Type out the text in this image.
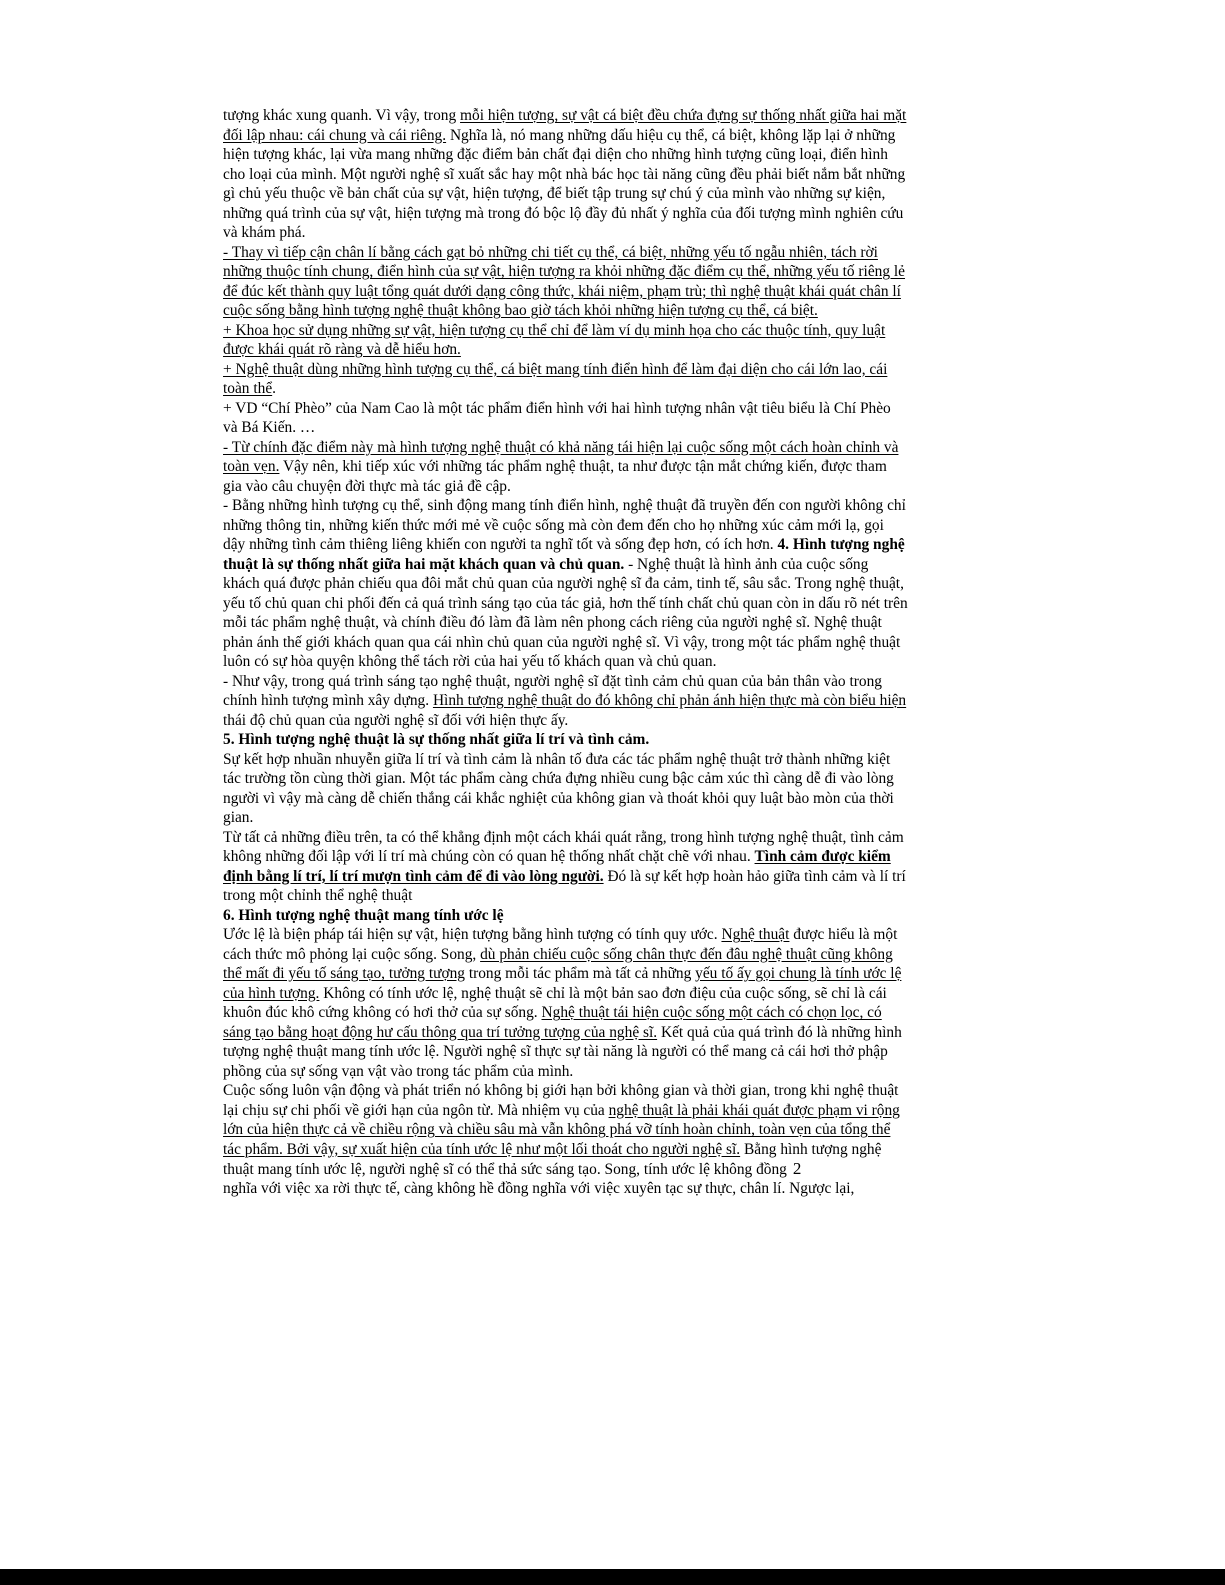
tượng khác xung quanh. Vì vậy, trong mỗi hiện tượng, sự vật cá biệt đều chứa đựng sự thống nhất giữa hai mặt
đối lập nhau: cái chung và cái riêng. Nghĩa là, nó mang những dấu hiệu cụ thể, cá biệt, không lặp lại ở những
hiện tượng khác, lại vừa mang những đặc điểm bản chất đại diện cho những hình tượng cũng loại, điển hình
cho loại của mình. Một người nghệ sĩ xuất sắc hay một nhà bác học tài năng cũng đều phải biết nắm bắt những
gì chủ yếu thuộc về bản chất của sự vật, hiện tượng, để biết tập trung sự chú ý của mình vào những sự kiện,
những quá trình của sự vật, hiện tượng mà trong đó bộc lộ đầy đủ nhất ý nghĩa của đối tượng mình nghiên cứu
và khám phá.
- Thay vì tiếp cận chân lí bằng cách gạt bỏ những chi tiết cụ thể, cá biệt, những yếu tố ngẫu nhiên, tách rời
những thuộc tính chung, điển hình của sự vật, hiện tượng ra khỏi những đặc điểm cụ thể, những yếu tố riêng lẻ
để đúc kết thành quy luật tổng quát dưới dạng công thức, khái niệm, phạm trù; thì nghệ thuật khái quát chân lí
cuộc sống bằng hình tượng nghệ thuật không bao giờ tách khỏi những hiện tượng cụ thể, cá biệt.
+ Khoa học sử dụng những sự vật, hiện tượng cụ thể chỉ để làm ví dụ minh họa cho các thuộc tính, quy luật
được khái quát rõ ràng và dễ hiểu hơn.
+ Nghệ thuật dùng những hình tượng cụ thể, cá biệt mang tính điển hình để làm đại diện cho cái lớn lao, cái
toàn thể.
+ VD “Chí Phèo” của Nam Cao là một tác phẩm điển hình với hai hình tượng nhân vật tiêu biểu là Chí Phèo
và Bá Kiến. …
- Từ chính đặc điểm này mà hình tượng nghệ thuật có khả năng tái hiện lại cuộc sống một cách hoàn chỉnh và
toàn vẹn. Vậy nên, khi tiếp xúc với những tác phẩm nghệ thuật, ta như được tận mắt chứng kiến, được tham
gia vào câu chuyện đời thực mà tác giả đề cập.
- Bằng những hình tượng cụ thể, sinh động mang tính điển hình, nghệ thuật đã truyền đến con người không chỉ
những thông tin, những kiến thức mới mẻ về cuộc sống mà còn đem đến cho họ những xúc cảm mới lạ, gọi
dậy những tình cảm thiêng liêng khiến con người ta nghĩ tốt và sống đẹp hơn, có ích hơn. 4. Hình tượng nghệ
thuật là sự thống nhất giữa hai mặt khách quan và chủ quan. - Nghệ thuật là hình ảnh của cuộc sống
khách quá được phản chiếu qua đôi mắt chủ quan của người nghệ sĩ đa cảm, tinh tế, sâu sắc. Trong nghệ thuật,
yếu tố chủ quan chi phối đến cả quá trình sáng tạo của tác giả, hơn thế tính chất chủ quan còn in dấu rõ nét trên
mỗi tác phẩm nghệ thuật, và chính điều đó làm đã làm nên phong cách riêng của người nghệ sĩ. Nghệ thuật
phản ánh thế giới khách quan qua cái nhìn chủ quan của người nghệ sĩ. Vì vậy, trong một tác phẩm nghệ thuật
luôn có sự hòa quyện không thể tách rời của hai yếu tố khách quan và chủ quan.
- Như vậy, trong quá trình sáng tạo nghệ thuật, người nghệ sĩ đặt tình cảm chủ quan của bản thân vào trong
chính hình tượng mình xây dựng. Hình tượng nghệ thuật do đó không chỉ phản ánh hiện thực mà còn biểu hiện
thái độ chủ quan của người nghệ sĩ đối với hiện thực ấy.
5. Hình tượng nghệ thuật là sự thống nhất giữa lí trí và tình cảm.
Sự kết hợp nhuần nhuyễn giữa lí trí và tình cảm là nhân tố đưa các tác phẩm nghệ thuật trở thành những kiệt
tác trường tồn cùng thời gian. Một tác phẩm càng chứa đựng nhiều cung bậc cảm xúc thì càng dễ đi vào lòng
người vì vậy mà càng dễ chiến thắng cái khắc nghiệt của không gian và thoát khỏi quy luật bào mòn của thời
gian.
Từ tất cả những điều trên, ta có thể khẳng định một cách khái quát rằng, trong hình tượng nghệ thuật, tình cảm
không những đối lập với lí trí mà chúng còn có quan hệ thống nhất chặt chẽ với nhau. Tình cảm được kiểm
định bằng lí trí, lí trí mượn tình cảm để đi vào lòng người. Đó là sự kết hợp hoàn hảo giữa tình cảm và lí trí
trong một chỉnh thể nghệ thuật
6. Hình tượng nghệ thuật mang tính ước lệ
Ước lệ là biện pháp tái hiện sự vật, hiện tượng bằng hình tượng có tính quy ước. Nghệ thuật được hiểu là một
cách thức mô phỏng lại cuộc sống. Song, dù phản chiếu cuộc sống chân thực đến đâu nghệ thuật cũng không
thể mất đi yếu tố sáng tạo, tưởng tượng trong mỗi tác phẩm mà tất cả những yếu tố ấy gọi chung là tính ước lệ
của hình tượng. Không có tính ước lệ, nghệ thuật sẽ chỉ là một bản sao đơn điệu của cuộc sống, sẽ chỉ là cái
khuôn đúc khô cứng không có hơi thở của sự sống. Nghệ thuật tái hiện cuộc sống một cách có chọn lọc, có
sáng tạo bằng hoạt động hư cấu thông qua trí tưởng tượng của nghệ sĩ. Kết quả của quá trình đó là những hình
tượng nghệ thuật mang tính ước lệ. Người nghệ sĩ thực sự tài năng là người có thể mang cả cái hơi thở phập
phồng của sự sống vạn vật vào trong tác phẩm của mình.
Cuộc sống luôn vận động và phát triển nó không bị giới hạn bởi không gian và thời gian, trong khi nghệ thuật
lại chịu sự chi phối về giới hạn của ngôn từ. Mà nhiệm vụ của nghệ thuật là phải khái quát được phạm vi rộng
lớn của hiện thực cả về chiều rộng và chiều sâu mà vẫn không phá vỡ tính hoàn chỉnh, toàn vẹn của tổng thể
tác phẩm. Bởi vậy, sự xuất hiện của tính ước lệ như một lối thoát cho người nghệ sĩ. Bằng hình tượng nghệ
thuật mang tính ước lệ, người nghệ sĩ có thể thả sức sáng tạo. Song, tính ước lệ không đồng 2
nghĩa với việc xa rời thực tế, càng không hề đồng nghĩa với việc xuyên tạc sự thực, chân lí. Ngược lại,
